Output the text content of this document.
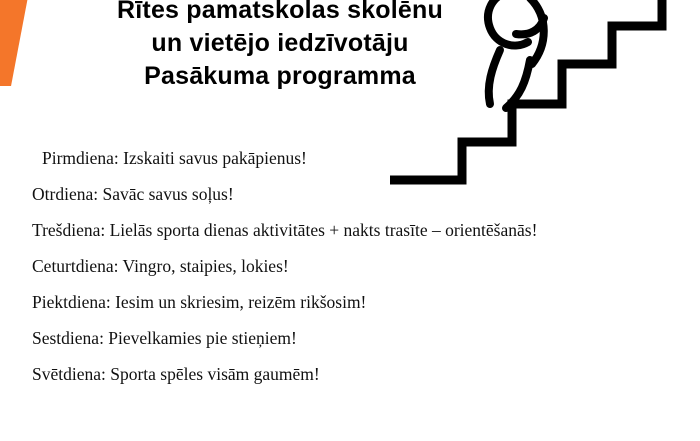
Rītes pamatskolas skolēnu
un vietējo iedzīvotāju
Pasākuma programma
Pirmdiena: Izskaiti savus pakāpienus!
Otrdiena: Savāc savus soļus!
Trešdiena: Lielās sporta dienas aktivitātes + nakts trasīte – orientēšanās!
Ceturtdiena: Vingro, staipies, lokies!
Piektdiena: Iesim un skriesim, reizēm rikšosim!
Sestdiena: Pievelkamies pie stieņiem!
Svētdiena: Sporta spēles visām gaumēm!
